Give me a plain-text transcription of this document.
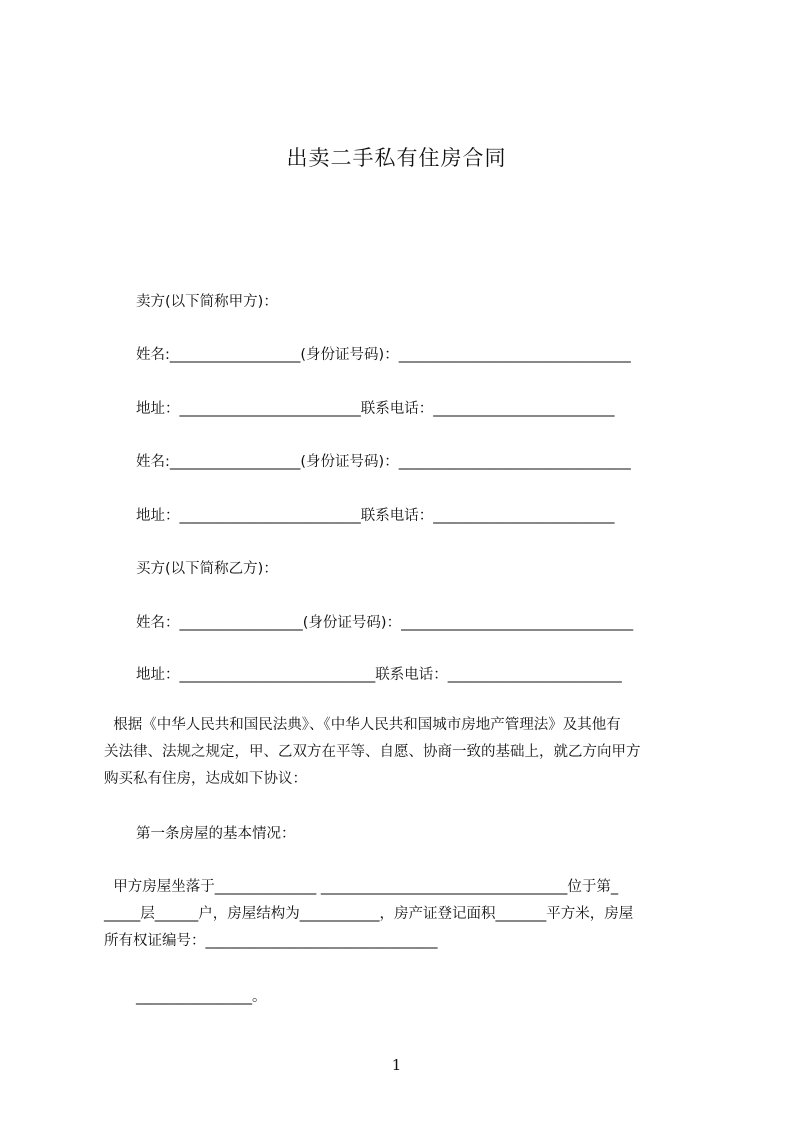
出卖二手私有住房合同
卖方(以下简称甲方)：
姓名:__________________(身份证号码)：________________________________
地址：_________________________联系电话：_________________________
姓名:__________________(身份证号码)：________________________________
地址：_________________________联系电话：_________________________
买方(以下简称乙方)：
姓名：_________________(身份证号码)：________________________________
地址：___________________________联系电话：________________________
根据《中华人民共和国民法典》、《中华人民共和国城市房地产管理法》及其他有
关法律、法规之规定，甲、乙双方在平等、自愿、协商一致的基础上，就乙方向甲方
购买私有住房，达成如下协议：
第一条房屋的基本情况：
甲方房屋坐落于______________ __________________________________位于第_
_____层______户，房屋结构为___________，房产证登记面积_______平方米，房屋
所有权证编号：________________________________
________________。
1
